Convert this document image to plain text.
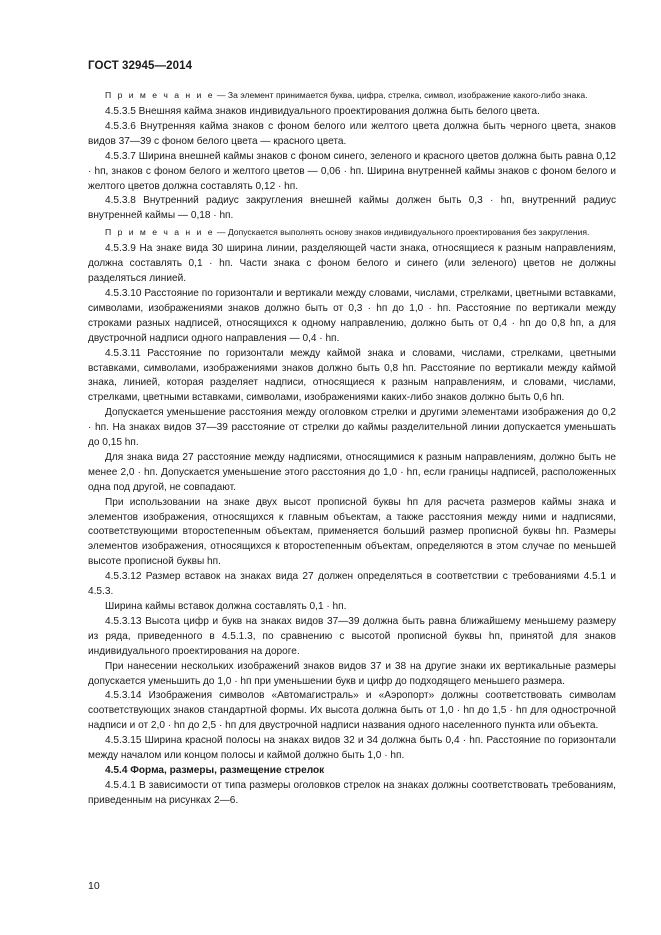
ГОСТ 32945—2014

П р и м е ч а н и е — За элемент принимается буква, цифра, стрелка, символ, изображение какого-либо знака.

4.5.3.5 Внешняя кайма знаков индивидуального проектирования должна быть белого цвета.

4.5.3.6 Внутренняя кайма знаков с фоном белого или желтого цвета должна быть черного цвета, знаков видов 37—39 с фоном белого цвета — красного цвета.

4.5.3.7 Ширина внешней каймы знаков с фоном синего, зеленого и красного цветов должна быть равна 0,12 · hп, знаков с фоном белого и желтого цветов — 0,06 · hп. Ширина внутренней каймы знаков с фоном белого и желтого цветов должна составлять 0,12 · hп.

4.5.3.8 Внутренний радиус закругления внешней каймы должен быть 0,3 · hп, внутренний радиус внутренней каймы — 0,18 · hп.

П р и м е ч а н и е — Допускается выполнять основу знаков индивидуального проектирования без закругления.

4.5.3.9 На знаке вида 30 ширина линии, разделяющей части знака, относящиеся к разным направлениям, должна составлять 0,1 · hп. Части знака с фоном белого и синего (или зеленого) цветов не должны разделяться линией.

4.5.3.10 Расстояние по горизонтали и вертикали между словами, числами, стрелками, цветными вставками, символами, изображениями знаков должно быть от 0,3 · hп до 1,0 · hп. Расстояние по вертикали между строками разных надписей, относящихся к одному направлению, должно быть от 0,4 · hп до 0,8 hп, а для двустрочной надписи одного направления — 0,4 · hп.

4.5.3.11 Расстояние по горизонтали между каймой знака и словами, числами, стрелками, цветными вставками, символами, изображениями знаков должно быть 0,8 hп. Расстояние по вертикали между каймой знака, линией, которая разделяет надписи, относящиеся к разным направлениям, и словами, числами, стрелками, цветными вставками, символами, изображениями каких-либо знаков должно быть 0,6 hп.

Допускается уменьшение расстояния между оголовком стрелки и другими элементами изображения до 0,2 · hп. На знаках видов 37—39 расстояние от стрелки до каймы разделительной линии допускается уменьшать до 0,15 hп.

Для знака вида 27 расстояние между надписями, относящимися к разным направлениям, должно быть не менее 2,0 · hп. Допускается уменьшение этого расстояния до 1,0 · hп, если границы надписей, расположенных одна под другой, не совпадают.

При использовании на знаке двух высот прописной буквы hп для расчета размеров каймы знака и элементов изображения, относящихся к главным объектам, а также расстояния между ними и надписями, соответствующими второстепенным объектам, применяется больший размер прописной буквы hп. Размеры элементов изображения, относящихся к второстепенным объектам, определяются в этом случае по меньшей высоте прописной буквы hп.

4.5.3.12 Размер вставок на знаках вида 27 должен определяться в соответствии с требованиями 4.5.1 и 4.5.3.

Ширина каймы вставок должна составлять 0,1 · hп.

4.5.3.13 Высота цифр и букв на знаках видов 37—39 должна быть равна ближайшему меньшему размеру из ряда, приведенного в 4.5.1.3, по сравнению с высотой прописной буквы hп, принятой для знаков индивидуального проектирования на дороге.

При нанесении нескольких изображений знаков видов 37 и 38 на другие знаки их вертикальные размеры допускается уменьшить до 1,0 · hп при уменьшении букв и цифр до подходящего меньшего размера.

4.5.3.14 Изображения символов «Автомагистраль» и «Аэропорт» должны соответствовать символам соответствующих знаков стандартной формы. Их высота должна быть от 1,0 · hп до 1,5 · hп для однострочной надписи и от 2,0 · hп до 2,5 · hп для двустрочной надписи названия одного населенного пункта или объекта.

4.5.3.15 Ширина красной полосы на знаках видов 32 и 34 должна быть 0,4 · hп. Расстояние по горизонтали между началом или концом полосы и каймой должно быть 1,0 · hп.

4.5.4 Форма, размеры, размещение стрелок

4.5.4.1 В зависимости от типа размеры оголовков стрелок на знаках должны соответствовать требованиям, приведенным на рисунках 2—6.

10
